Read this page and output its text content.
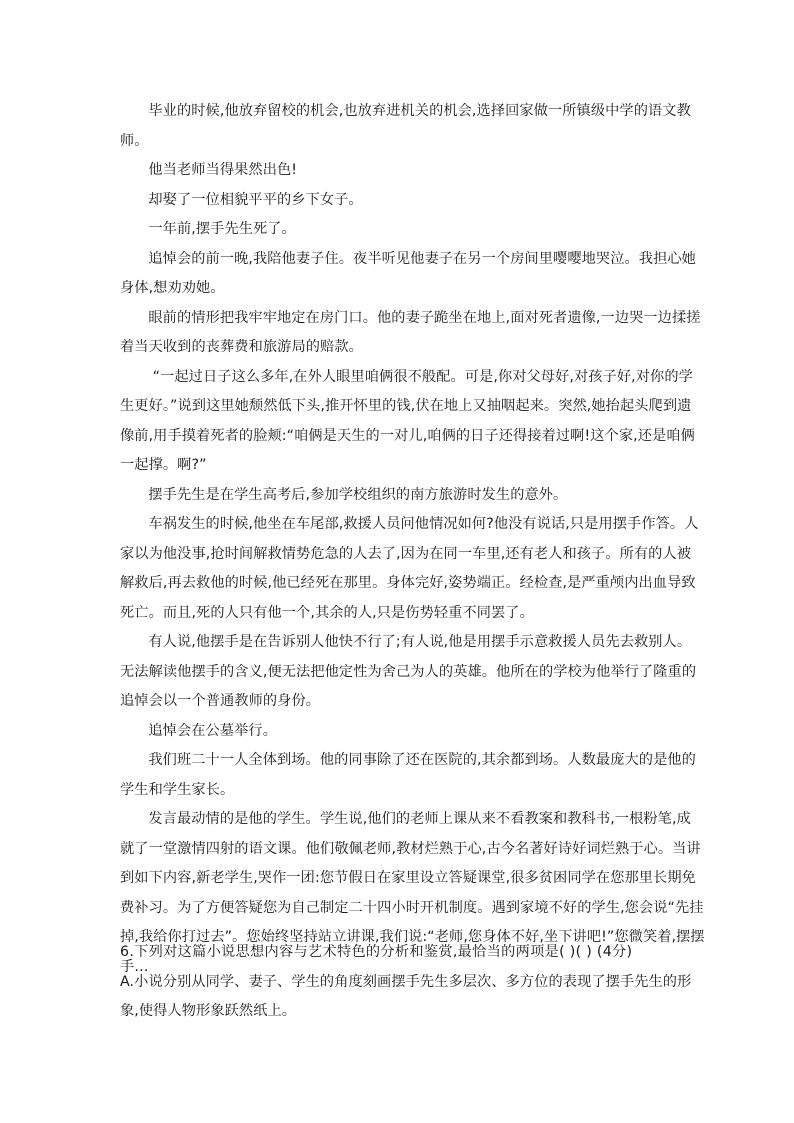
毕业的时候,他放弃留校的机会,也放弃进机关的机会,选择回家做一所镇级中学的语文教师。

他当老师当得果然出色!

却娶了一位相貌平平的乡下女子。

一年前,摆手先生死了。

追悼会的前一晚,我陪他妻子住。夜半听见他妻子在另一个房间里嘤嘤地哭泣。我担心她身体,想劝劝她。

眼前的情形把我牢牢地定在房门口。他的妻子跪坐在地上,面对死者遗像,一边哭一边揉搓着当天收到的丧葬费和旅游局的赔款。

“一起过日子这么多年,在外人眼里咱俩很不般配。可是,你对父母好,对孩子好,对你的学生更好。”说到这里她颓然低下头,推开怀里的钱,伏在地上又抽咽起来。突然,她抬起头爬到遗像前,用手摸着死者的脸颊:“咱俩是天生的一对儿,咱俩的日子还得接着过啊!这个家,还是咱俩一起撑。啊?”

摆手先生是在学生高考后,参加学校组织的南方旅游时发生的意外。

车祸发生的时候,他坐在车尾部,救援人员问他情况如何?他没有说话,只是用摆手作答。人家以为他没事,抢时间解救情势危急的人去了,因为在同一车里,还有老人和孩子。所有的人被解救后,再去救他的时候,他已经死在那里。身体完好,姿势端正。经检查,是严重颅内出血导致死亡。而且,死的人只有他一个,其余的人,只是伤势轻重不同罢了。

有人说,他摆手是在告诉别人他快不行了;有人说,他是用摆手示意救援人员先去救别人。无法解读他摆手的含义,便无法把他定性为舍己为人的英雄。他所在的学校为他举行了隆重的追悼会以一个普通教师的身份。

追悼会在公墓举行。

我们班二十一人全体到场。他的同事除了还在医院的,其余都到场。人数最庞大的是他的学生和学生家长。

发言最动情的是他的学生。学生说,他们的老师上课从来不看教案和教科书,一根粉笔,成就了一堂激情四射的语文课。他们敬佩老师,教材烂熟于心,古今名著好诗好词烂熟于心。当讲到如下内容,新老学生,哭作一团:您节假日在家里设立答疑课堂,很多贫困同学在您那里长期免费补习。为了方便答疑您为自己制定二十四小时开机制度。遇到家境不好的学生,您会说“先挂掉,我给你打过去”。您始终坚持站立讲课,我们说:“老师,您身体不好,坐下讲吧!”您微笑着,摆摆手…

6.下列对这篇小说思想内容与艺术特色的分析和鉴赏,最恰当的两项是( )( ) (4分)

A.小说分别从同学、妻子、学生的角度刻画摆手先生多层次、多方位的表现了摆手先生的形象,使得人物形象跃然纸上。
